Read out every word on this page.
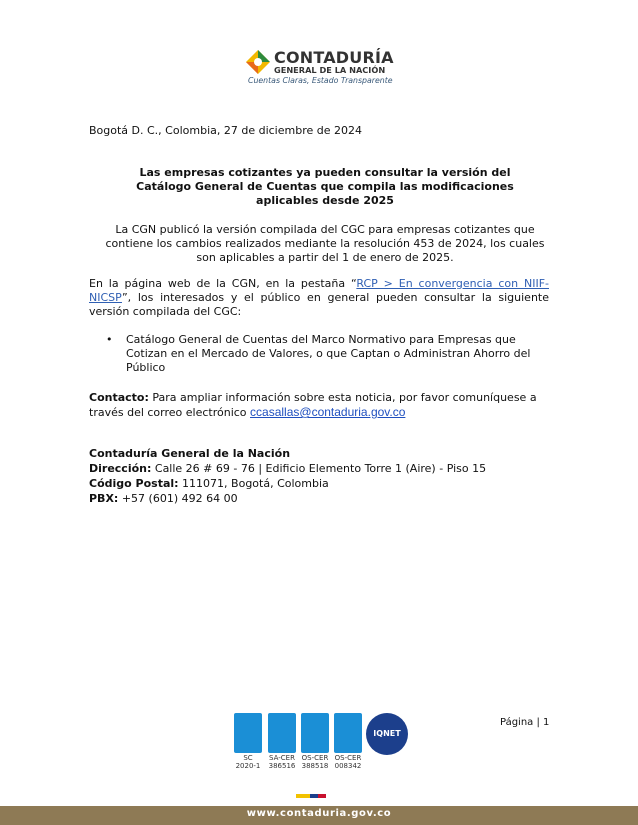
CONTADURÍA
GENERAL DE LA NACIÓN
Cuentas Claras, Estado Transparente
Bogotá D. C., Colombia, 27 de diciembre de 2024
Las empresas cotizantes ya pueden consultar la versión del Catálogo General de Cuentas que compila las modificaciones aplicables desde 2025
La CGN publicó la versión compilada del CGC para empresas cotizantes que contiene los cambios realizados mediante la resolución 453 de 2024, los cuales son aplicables a partir del 1 de enero de 2025.
En la página web de la CGN, en la pestaña “RCP > En convergencia con NIIF-NICSP”, los interesados y el público en general pueden consultar la siguiente versión compilada del CGC:
• Catálogo General de Cuentas del Marco Normativo para Empresas que Cotizan en el Mercado de Valores, o que Captan o Administran Ahorro del Público
Contacto: Para ampliar información sobre esta noticia, por favor comuníquese a través del correo electrónico ccasallas@contaduria.gov.co
Contaduría General de la Nación
Dirección: Calle 26 # 69 - 76 | Edificio Elemento Torre 1 (Aire) - Piso 15
Código Postal: 111071, Bogotá, Colombia
PBX: +57 (601) 492 64 00
SC
2020-1
SA-CER
386516
OS-CER
388518
OS-CER
008342
IQNET
Página | 1
www.contaduria.gov.co
